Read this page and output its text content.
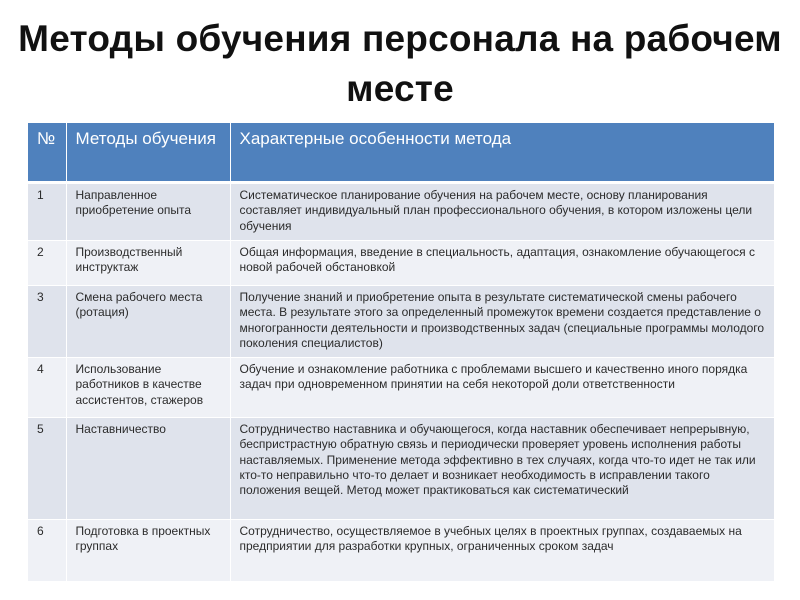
Методы обучения персонала на рабочем месте
№	Методы обучения	Характерные особенности метода
1	Направленное приобретение опыта	Систематическое планирование обучения на рабочем месте, основу планирования составляет индивидуальный план профессионального обучения, в котором изложены цели обучения
2	Производственный инструктаж	Общая информация, введение в специальность, адаптация, ознакомление обучающегося с новой рабочей обстановкой
3	Смена рабочего места (ротация)	Получение знаний и приобретение опыта в результате систематической смены рабочего места. В результате этого за определенный промежуток времени создается представление о многогранности деятельности и производственных задач (специальные программы молодого поколения специалистов)
4	Использование работников в качестве ассистентов, стажеров	Обучение и ознакомление работника с проблемами высшего и качественно иного порядка задач при одновременном принятии на себя некоторой доли ответственности
5	Наставничество	Сотрудничество наставника и обучающегося, когда наставник обеспечивает непрерывную, беспристрастную обратную связь и периодически проверяет уровень исполнения работы наставляемых. Применение метода эффективно в тех случаях, когда что-то идет не так или кто-то неправильно что-то делает и возникает необходимость в исправлении такого положения вещей. Метод может практиковаться как систематический
6	Подготовка в проектных группах	Сотрудничество, осуществляемое в учебных целях в проектных группах, создаваемых на предприятии для разработки крупных, ограниченных сроком задач
